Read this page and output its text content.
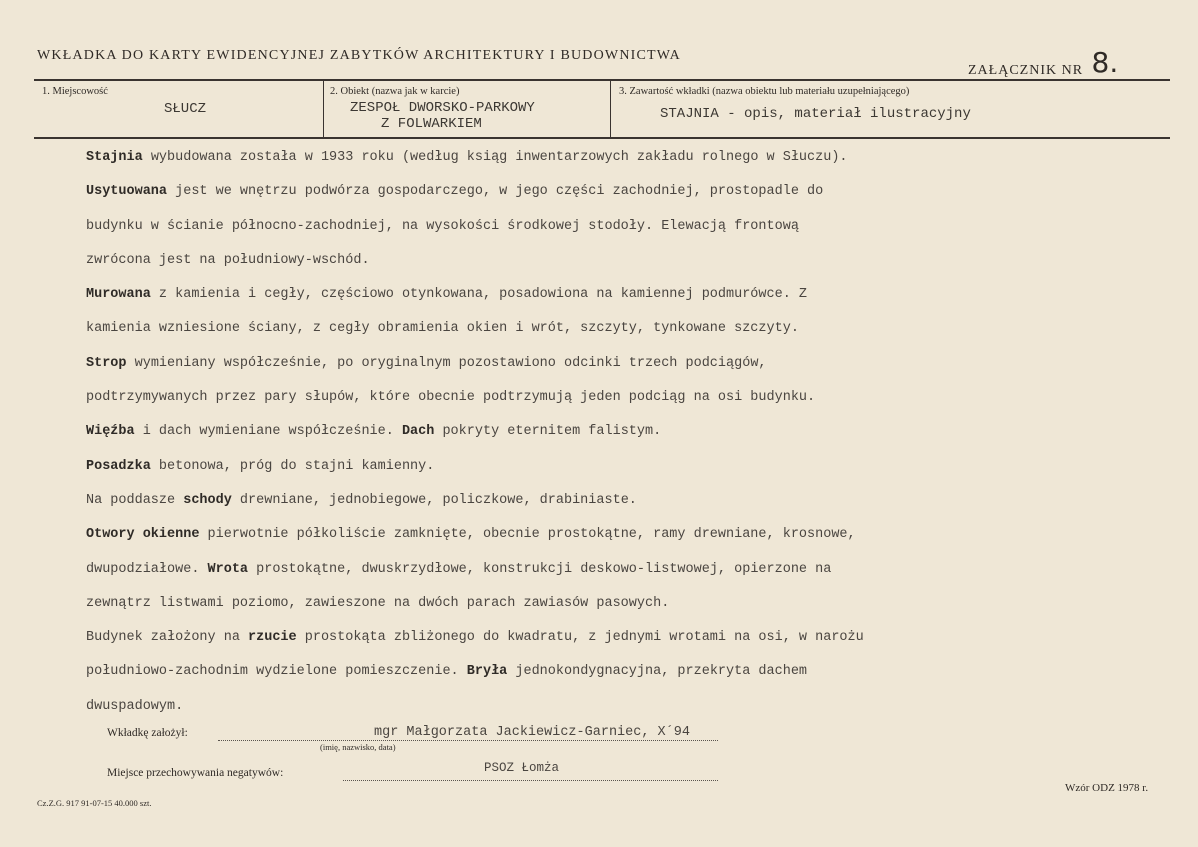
WKŁADKA DO KARTY EWIDENCYJNEJ ZABYTKÓW ARCHITEKTURY I BUDOWNICTWA
ZAŁĄCZNIK NR 8.
1. Miejscowość
SŁUCZ
2. Obiekt (nazwa jak w karcie)
ZESPOŁ DWORSKO-PARKOWY
Z FOLWARKIEM
3. Zawartość wkładki (nazwa obiektu lub materiału uzupełniającego)
STAJNIA - opis, materiał ilustracyjny
Stajnia wybudowana została w 1933 roku (według ksiąg inwentarzowych zakładu rolnego w Słuczu).
Usytuowana jest we wnętrzu podwórza gospodarczego, w jego części zachodniej, prostopadle do
budynku w ścianie północno-zachodniej, na wysokości środkowej stodoły. Elewacją frontową
zwrócona jest na południowy-wschód.
Murowana z kamienia i cegły, częściowo otynkowana, posadowiona na kamiennej podmurówce. Z
kamienia wzniesione ściany, z cegły obramienia okien i wrót, szczyty, tynkowane szczyty.
Strop wymieniany współcześnie, po oryginalnym pozostawiono odcinki trzech podciągów,
podtrzymywanych przez pary słupów, które obecnie podtrzymują jeden podciąg na osi budynku.
Więźba i dach wymieniane współcześnie. Dach pokryty eternitem falistym.
Posadzka betonowa, próg do stajni kamienny.
Na poddasze schody drewniane, jednobiegowe, policzkowe, drabiniaste.
Otwory okienne pierwotnie półkoliście zamknięte, obecnie prostokątne, ramy drewniane, krosnowe,
dwupodziałowe. Wrota prostokątne, dwuskrzydłowe, konstrukcji deskowo-listwowej, opierzone na
zewnątrz listwami poziomo, zawieszone na dwóch parach zawiasów pasowych.
Budynek założony na rzucie prostokąta zbliżonego do kwadratu, z jednymi wrotami na osi, w narożu
południowo-zachodnim wydzielone pomieszczenie. Bryła jednokondygnacyjna, przekryta dachem
dwuspadowym.
Wkładkę założył:	mgr Małgorzata Jackiewicz-Garniec, X´94
(imię, nazwisko, data)
Miejsce przechowywania negatywów:	PSOZ Łomża
Cz.Z.G. 917 91-07-15 40.000 szt.
Wzór ODZ 1978 r.
